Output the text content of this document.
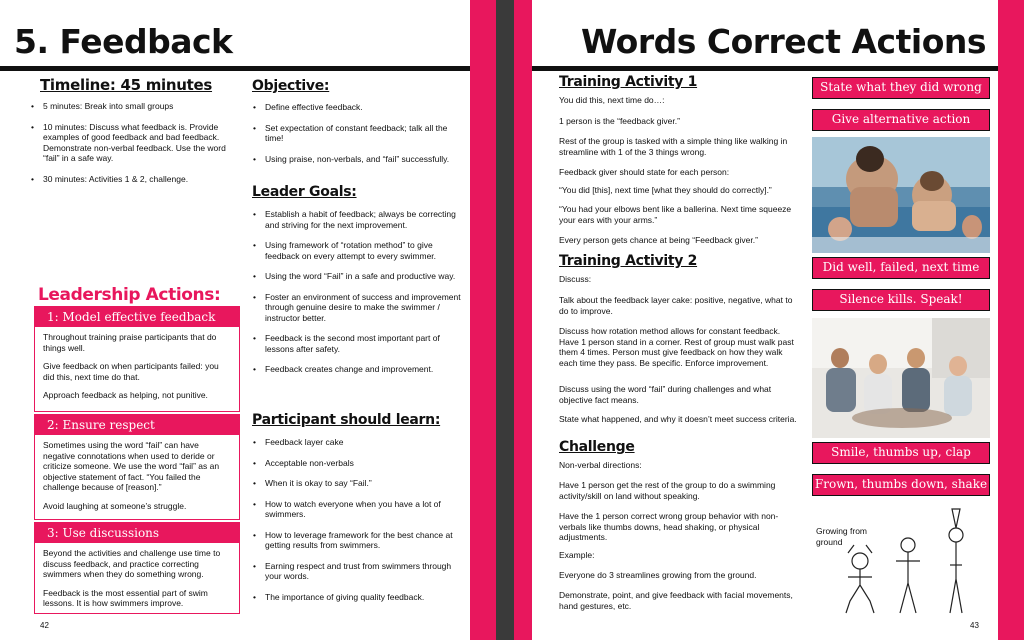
5. Feedback
Timeline: 45 minutes
• 5 minutes: Break into small groups
• 10 minutes: Discuss what feedback is. Provide examples of good feedback and bad feedback. Demonstrate non-verbal feedback. Use the word “fail” in a safe way.
• 30 minutes: Activities 1 & 2, challenge.
Objective:
• Define effective feedback.
• Set expectation of constant feedback; talk all the time!
• Using praise, non-verbals, and “fail” successfully.
Leader Goals:
• Establish a habit of feedback; always be correcting and striving for the next improvement.
• Using framework of “rotation method” to give feedback on every attempt to every swimmer.
• Using the word “Fail” in a safe and productive way.
• Foster an environment of success and improvement through genuine desire to make the swimmer / instructor better.
• Feedback is the second most important part of lessons after safety.
• Feedback creates change and improvement.
Participant should learn:
• Feedback layer cake
• Acceptable non-verbals
• When it is okay to say “Fail.”
• How to watch everyone when you have a lot of swimmers.
• How to leverage framework for the best chance at getting results from swimmers.
• Earning respect and trust from swimmers through your words.
• The importance of giving quality feedback.
Leadership Actions:
1: Model effective feedback

Throughout training praise participants that do things well.

Give feedback on when participants failed: you did this, next time do that.

Approach feedback as helping, not punitive.

2: Ensure respect

Sometimes using the word “fail” can have negative connotations when used to deride or criticize someone. We use the word “fail” as an objective statement of fact. “You failed the challenge because of [reason].”

Avoid laughing at someone’s struggle.

3: Use discussions

Beyond the activities and challenge use time to discuss feedback, and practice correcting swimmers when they do something wrong.

Feedback is the most essential part of swim lessons. It is how swimmers improve.

42
Words Correct Actions
Training Activity 1
You did this, next time do…:
1 person is the “feedback giver.”
Rest of the group is tasked with a simple thing like walking in streamline with 1 of the 3 things wrong.
Feedback giver should state for each person:
“You did [this], next time [what they should do correctly].”
“You had your elbows bent like a ballerina. Next time squeeze your ears with your arms.”
Every person gets chance at being “Feedback giver.”
Training Activity 2
Discuss:
Talk about the feedback layer cake: positive, negative, what to do to improve.
Discuss how rotation method allows for constant feedback. Have 1 person stand in a corner. Rest of group must walk past them 4 times. Person must give feedback on how they walk each time they pass. Be specific. Enforce improvement.
Discuss using the word “fail” during challenges and what objective fact means.
State what happened, and why it doesn’t meet success criteria.
Challenge
Non-verbal directions:
Have 1 person get the rest of the group to do a swimming activity/skill on land without speaking.
Have the 1 person correct wrong group behavior with non-verbals like thumbs downs, head shaking, or physical adjustments.
Example:
Everyone do 3 streamlines growing from the ground.
Demonstrate, point, and give feedback with facial movements, hand gestures, etc.
State what they did wrong
Give alternative action
Did well, failed, next time
Silence kills. Speak!
Smile, thumbs up, clap
Frown, thumbs down, shake
Growing from ground
43
